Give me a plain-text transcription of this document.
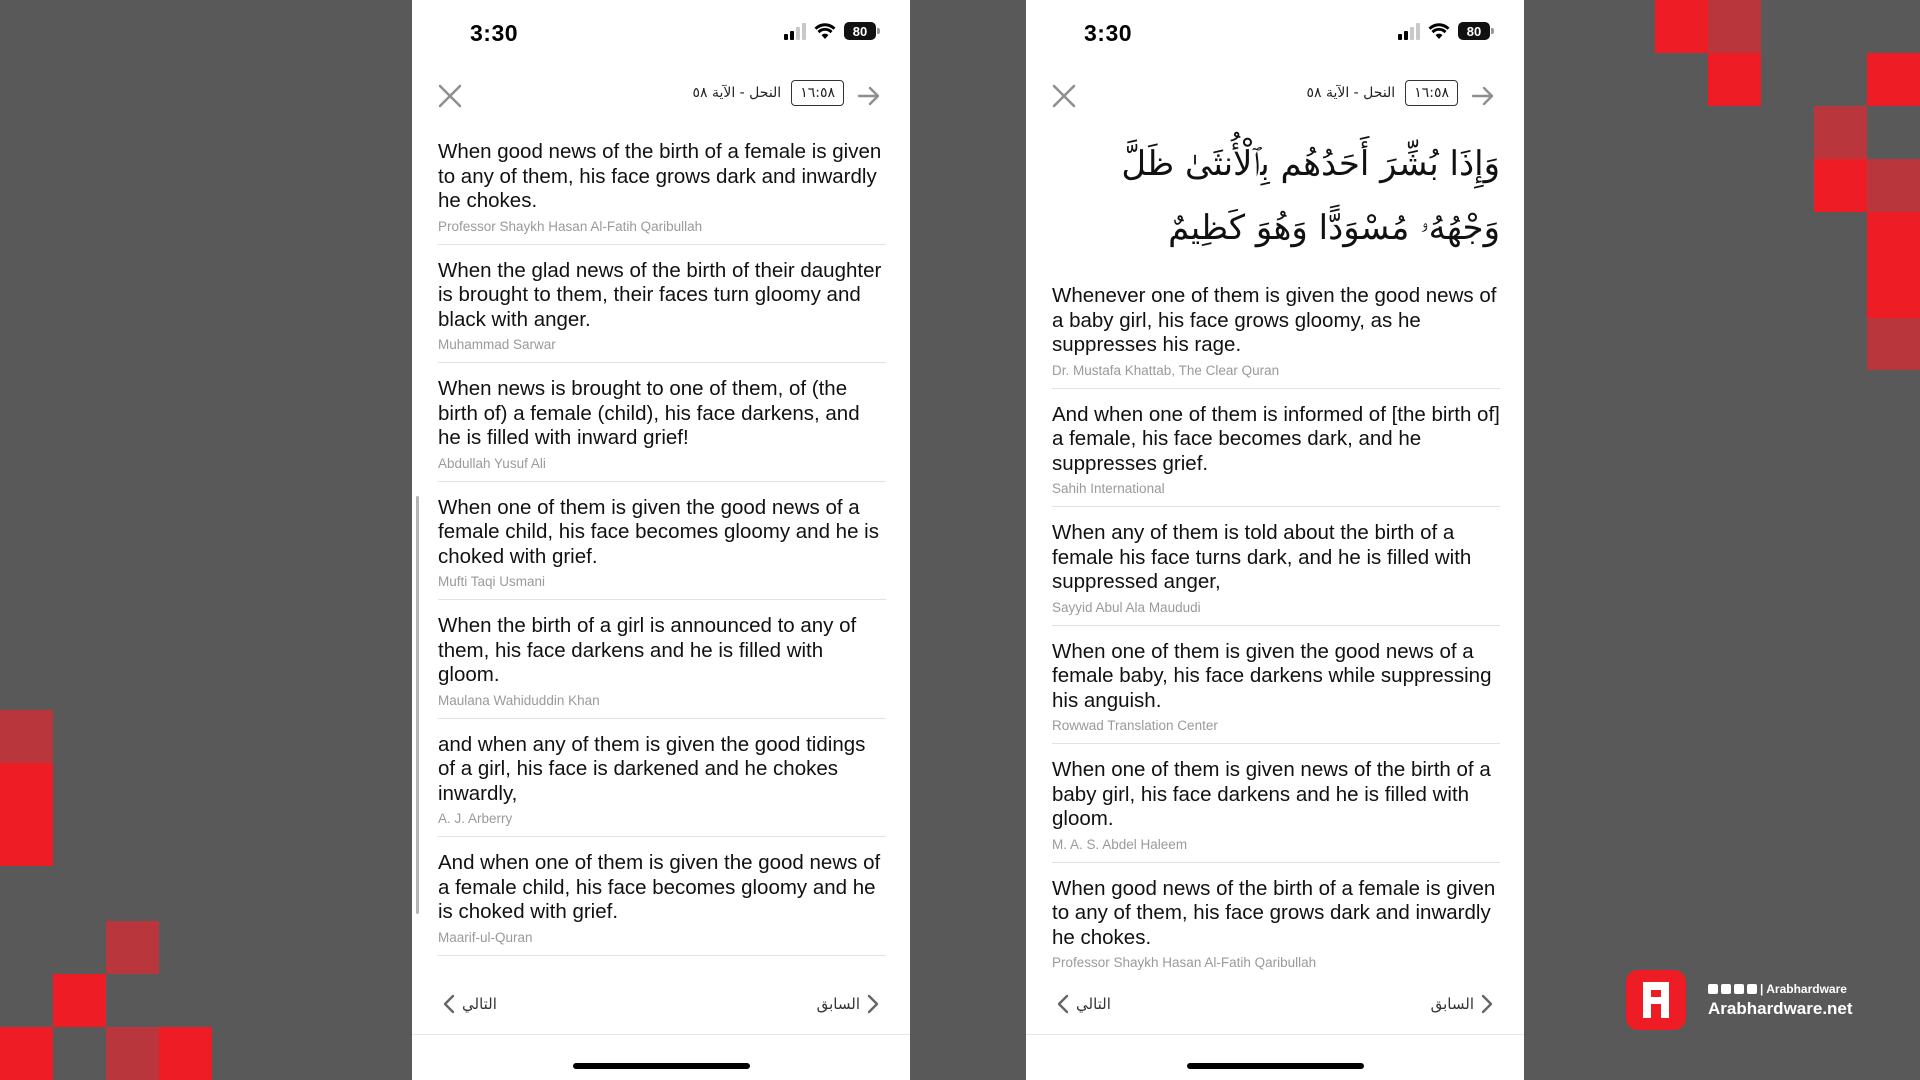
3:30	80
النحل - الآية ٥٨	١٦:٥٨
When good news of the birth of a female is given to any of them, his face grows dark and inwardly he chokes.
Professor Shaykh Hasan Al-Fatih Qaribullah
When the glad news of the birth of their daughter is brought to them, their faces turn gloomy and black with anger.
Muhammad Sarwar
When news is brought to one of them, of (the birth of) a female (child), his face darkens, and he is filled with inward grief!
Abdullah Yusuf Ali
When one of them is given the good news of a female child, his face becomes gloomy and he is choked with grief.
Mufti Taqi Usmani
When the birth of a girl is announced to any of them, his face darkens and he is filled with gloom.
Maulana Wahiduddin Khan
and when any of them is given the good tidings of a girl, his face is darkened and he chokes inwardly,
A. J. Arberry
And when one of them is given the good news of a female child, his face becomes gloomy and he is choked with grief.
Maarif-ul-Quran
التالي	السابق
3:30	80
النحل - الآية ٥٨	١٦:٥٨
وَإِذَا بُشِّرَ أَحَدُهُم بِٱلْأُنثَىٰ ظَلَّ وَجْهُهُۥ مُسْوَدًّا وَهُوَ كَظِيمٌ
Whenever one of them is given the good news of a baby girl, his face grows gloomy, as he suppresses his rage.
Dr. Mustafa Khattab, The Clear Quran
And when one of them is informed of [the birth of] a female, his face becomes dark, and he suppresses grief.
Sahih International
When any of them is told about the birth of a female his face turns dark, and he is filled with suppressed anger,
Sayyid Abul Ala Maududi
When one of them is given the good news of a female baby, his face darkens while suppressing his anguish.
Rowwad Translation Center
When one of them is given news of the birth of a baby girl, his face darkens and he is filled with gloom.
M. A. S. Abdel Haleem
When good news of the birth of a female is given to any of them, his face grows dark and inwardly he chokes.
Professor Shaykh Hasan Al-Fatih Qaribullah
التالي	السابق
| Arabhardware
Arabhardware.net
